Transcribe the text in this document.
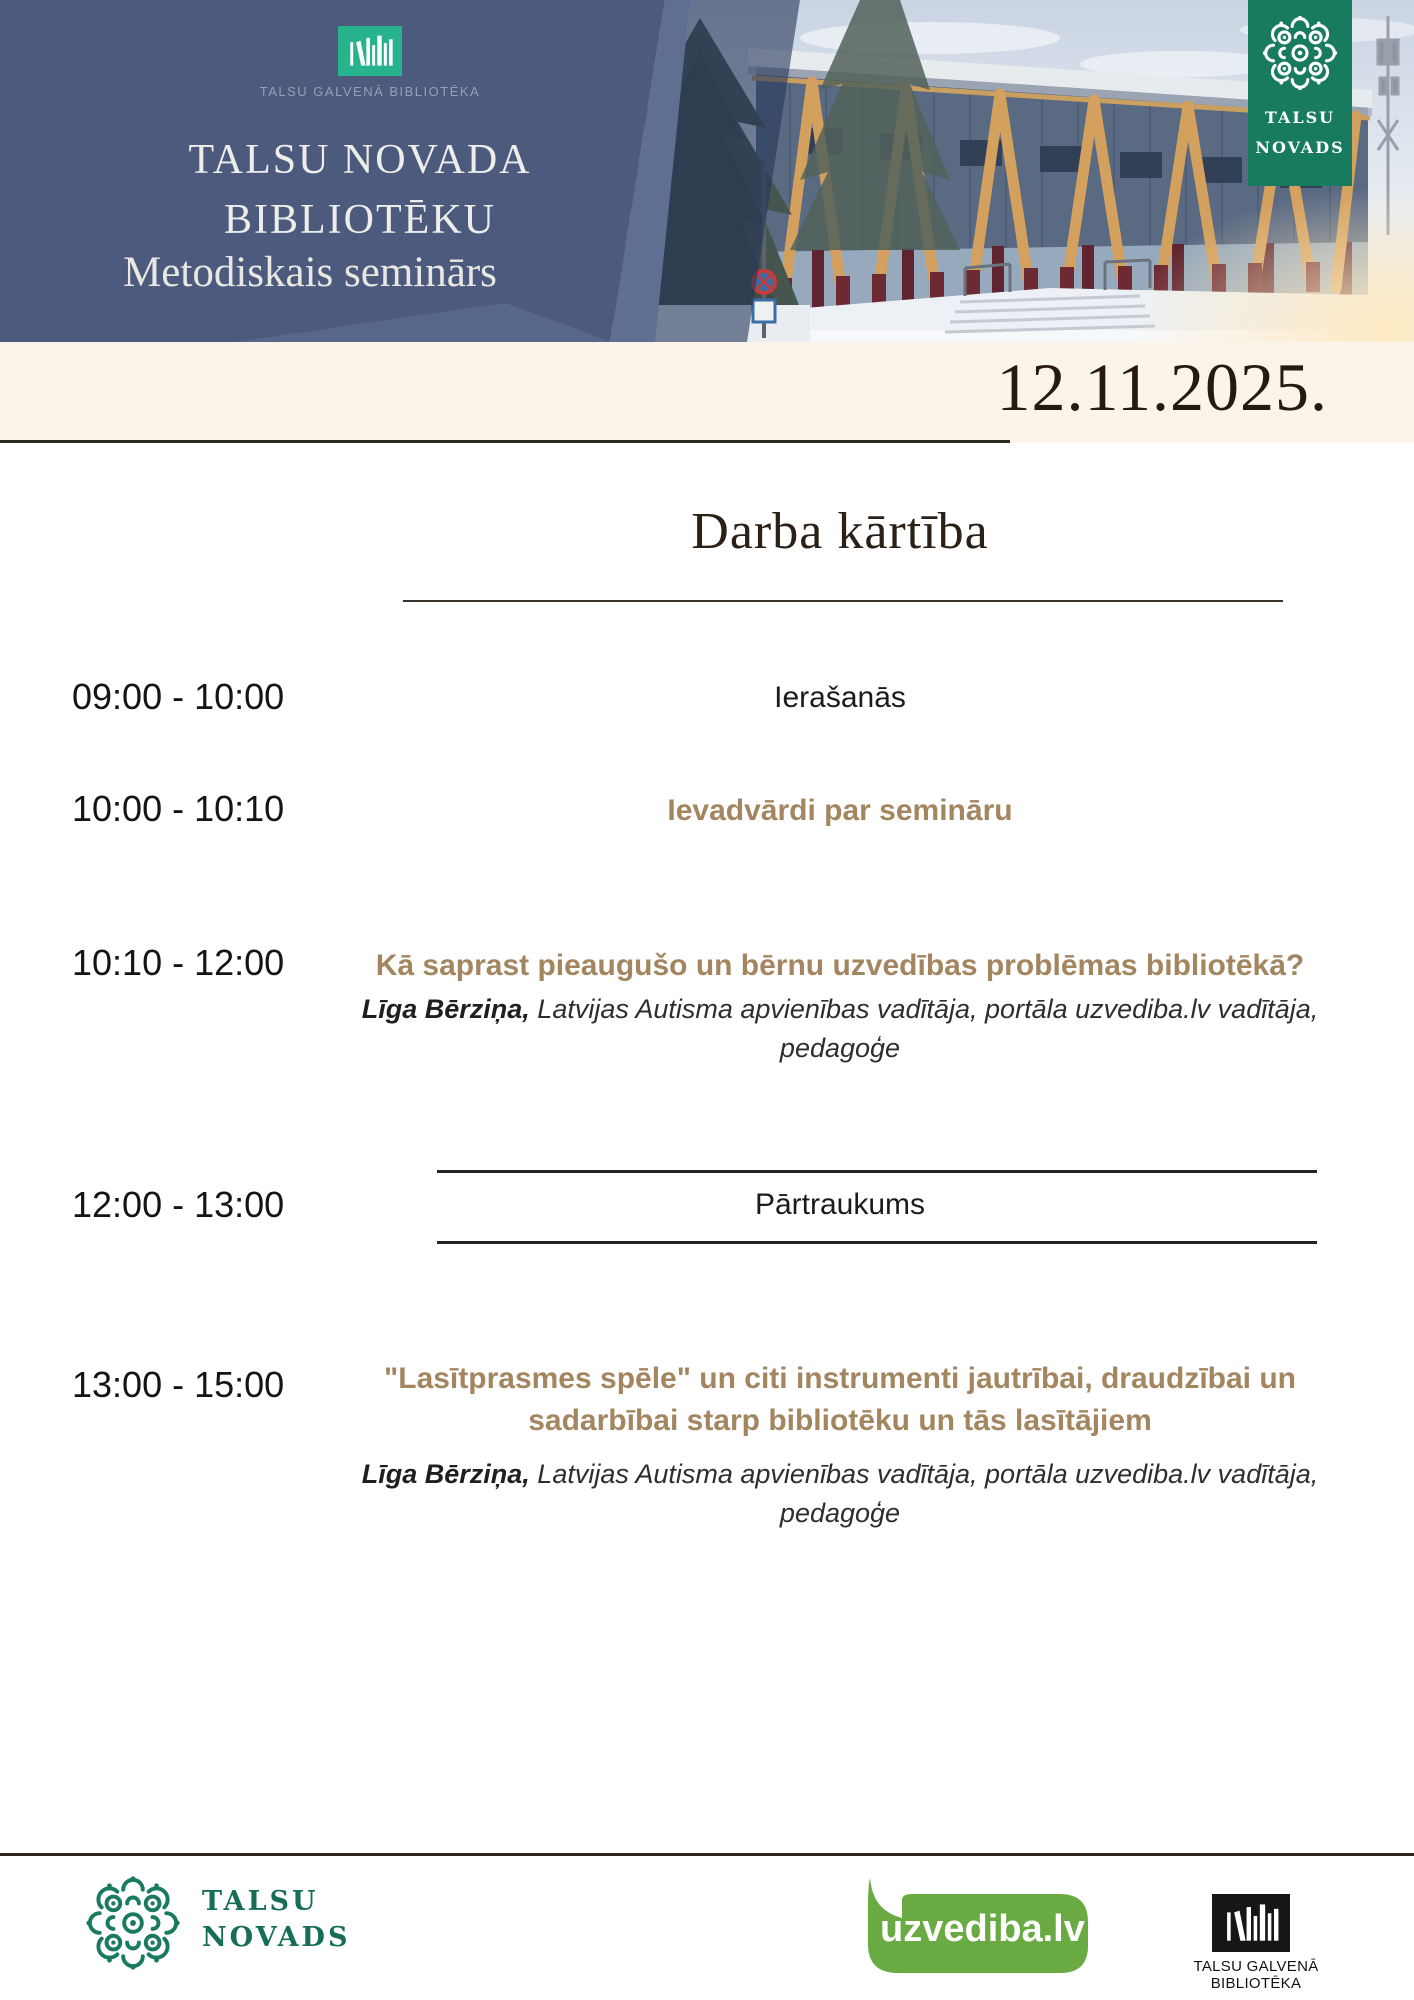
TALSU GALVENĀ BIBLIOTĒKA
TALSU NOVADA
BIBLIOTĒKU
Metodiskais seminārs
TALSU
NOVADS
12.11.2025.
Darba kārtība
09:00 - 10:00	Ierašanās
10:00 - 10:10	Ievadvārdi par semināru
10:10 - 12:00	Kā saprast pieaugušo un bērnu uzvedības problēmas bibliotēkā?
Līga Bērziņa, Latvijas Autisma apvienības vadītāja, portāla uzvediba.lv vadītāja, pedagoģe
12:00 - 13:00	Pārtraukums
13:00 - 15:00	"Lasītprasmes spēle" un citi instrumenti jautrībai, draudzībai un sadarbībai starp bibliotēku un tās lasītājiem
Līga Bērziņa, Latvijas Autisma apvienības vadītāja, portāla uzvediba.lv vadītāja, pedagoģe
TALSU
NOVADS	uzvediba.lv
TALSU GALVENĀ BIBLIOTĒKA
